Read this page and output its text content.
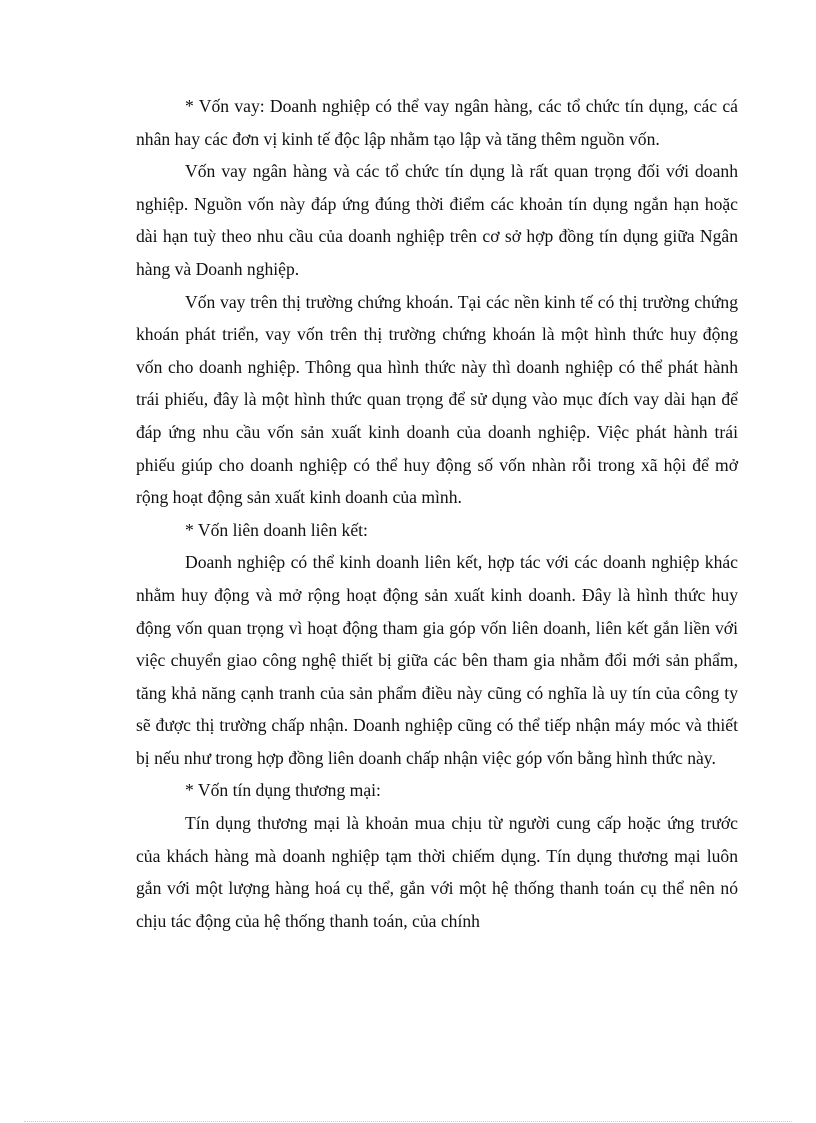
* Vốn vay: Doanh nghiệp có thể vay ngân hàng, các tổ chức tín dụng, các cá nhân hay các đơn vị kinh tế độc lập nhằm tạo lập và tăng thêm nguồn vốn.

Vốn vay ngân hàng và các tổ chức tín dụng là rất quan trọng đối với doanh nghiệp. Nguồn vốn này đáp ứng đúng thời điểm các khoản tín dụng ngắn hạn hoặc dài hạn tuỳ theo nhu cầu của doanh nghiệp trên cơ sở hợp đồng tín dụng giữa Ngân hàng và Doanh nghiệp.

Vốn vay trên thị trường chứng khoán. Tại các nền kinh tế có thị trường chứng khoán phát triển, vay vốn trên thị trường chứng khoán là một hình thức huy động vốn cho doanh nghiệp. Thông qua hình thức này thì doanh nghiệp có thể phát hành trái phiếu, đây là một hình thức quan trọng để sử dụng vào mục đích vay dài hạn để đáp ứng nhu cầu vốn sản xuất kinh doanh của doanh nghiệp. Việc phát hành trái phiếu giúp cho doanh nghiệp có thể huy động số vốn nhàn rỗi trong xã hội để mở rộng hoạt động sản xuất kinh doanh của mình.

* Vốn liên doanh liên kết:

Doanh nghiệp có thể kinh doanh liên kết, hợp tác với các doanh nghiệp khác nhằm huy động và mở rộng hoạt động sản xuất kinh doanh. Đây là hình thức huy động vốn quan trọng vì hoạt động tham gia góp vốn liên doanh, liên kết gắn liền với việc chuyển giao công nghệ thiết bị giữa các bên tham gia nhằm đổi mới sản phẩm, tăng khả năng cạnh tranh của sản phẩm điều này cũng có nghĩa là uy tín của công ty sẽ được thị trường chấp nhận. Doanh nghiệp cũng có thể tiếp nhận máy móc và thiết bị nếu như trong hợp đồng liên doanh chấp nhận việc góp vốn bằng hình thức này.

* Vốn tín dụng thương mại:

Tín dụng thương mại là khoản mua chịu từ người cung cấp hoặc ứng trước của khách hàng mà doanh nghiệp tạm thời chiếm dụng. Tín dụng thương mại luôn gắn với một lượng hàng hoá cụ thể, gắn với một hệ thống thanh toán cụ thể nên nó chịu tác động của hệ thống thanh toán, của chính
